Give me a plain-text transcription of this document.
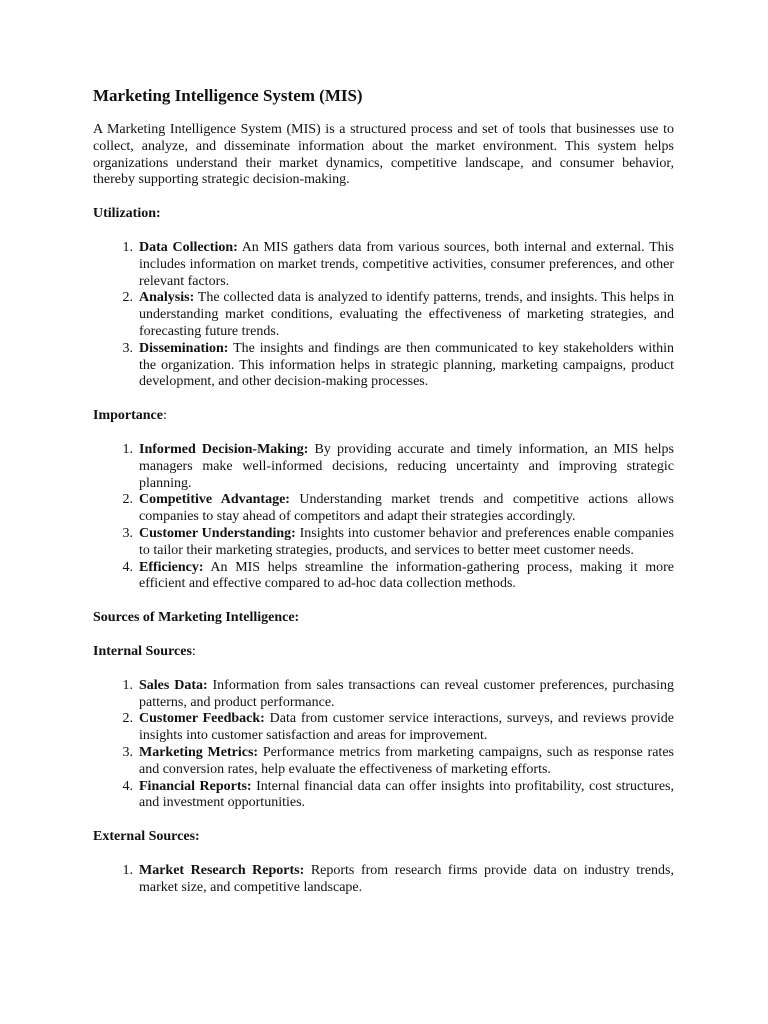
Marketing Intelligence System (MIS)

A Marketing Intelligence System (MIS) is a structured process and set of tools that businesses use to collect, analyze, and disseminate information about the market environment. This system helps organizations understand their market dynamics, competitive landscape, and consumer behavior, thereby supporting strategic decision-making.

Utilization:
1. Data Collection: An MIS gathers data from various sources, both internal and external. This includes information on market trends, competitive activities, consumer preferences, and other relevant factors.
2. Analysis: The collected data is analyzed to identify patterns, trends, and insights. This helps in understanding market conditions, evaluating the effectiveness of marketing strategies, and forecasting future trends.
3. Dissemination: The insights and findings are then communicated to key stakeholders within the organization. This information helps in strategic planning, marketing campaigns, product development, and other decision-making processes.
Importance:
1. Informed Decision-Making: By providing accurate and timely information, an MIS helps managers make well-informed decisions, reducing uncertainty and improving strategic planning.
2. Competitive Advantage: Understanding market trends and competitive actions allows companies to stay ahead of competitors and adapt their strategies accordingly.
3. Customer Understanding: Insights into customer behavior and preferences enable companies to tailor their marketing strategies, products, and services to better meet customer needs.
4. Efficiency: An MIS helps streamline the information-gathering process, making it more efficient and effective compared to ad-hoc data collection methods.
Sources of Marketing Intelligence:
Internal Sources:
1. Sales Data: Information from sales transactions can reveal customer preferences, purchasing patterns, and product performance.
2. Customer Feedback: Data from customer service interactions, surveys, and reviews provide insights into customer satisfaction and areas for improvement.
3. Marketing Metrics: Performance metrics from marketing campaigns, such as response rates and conversion rates, help evaluate the effectiveness of marketing efforts.
4. Financial Reports: Internal financial data can offer insights into profitability, cost structures, and investment opportunities.
External Sources:
1. Market Research Reports: Reports from research firms provide data on industry trends, market size, and competitive landscape.
